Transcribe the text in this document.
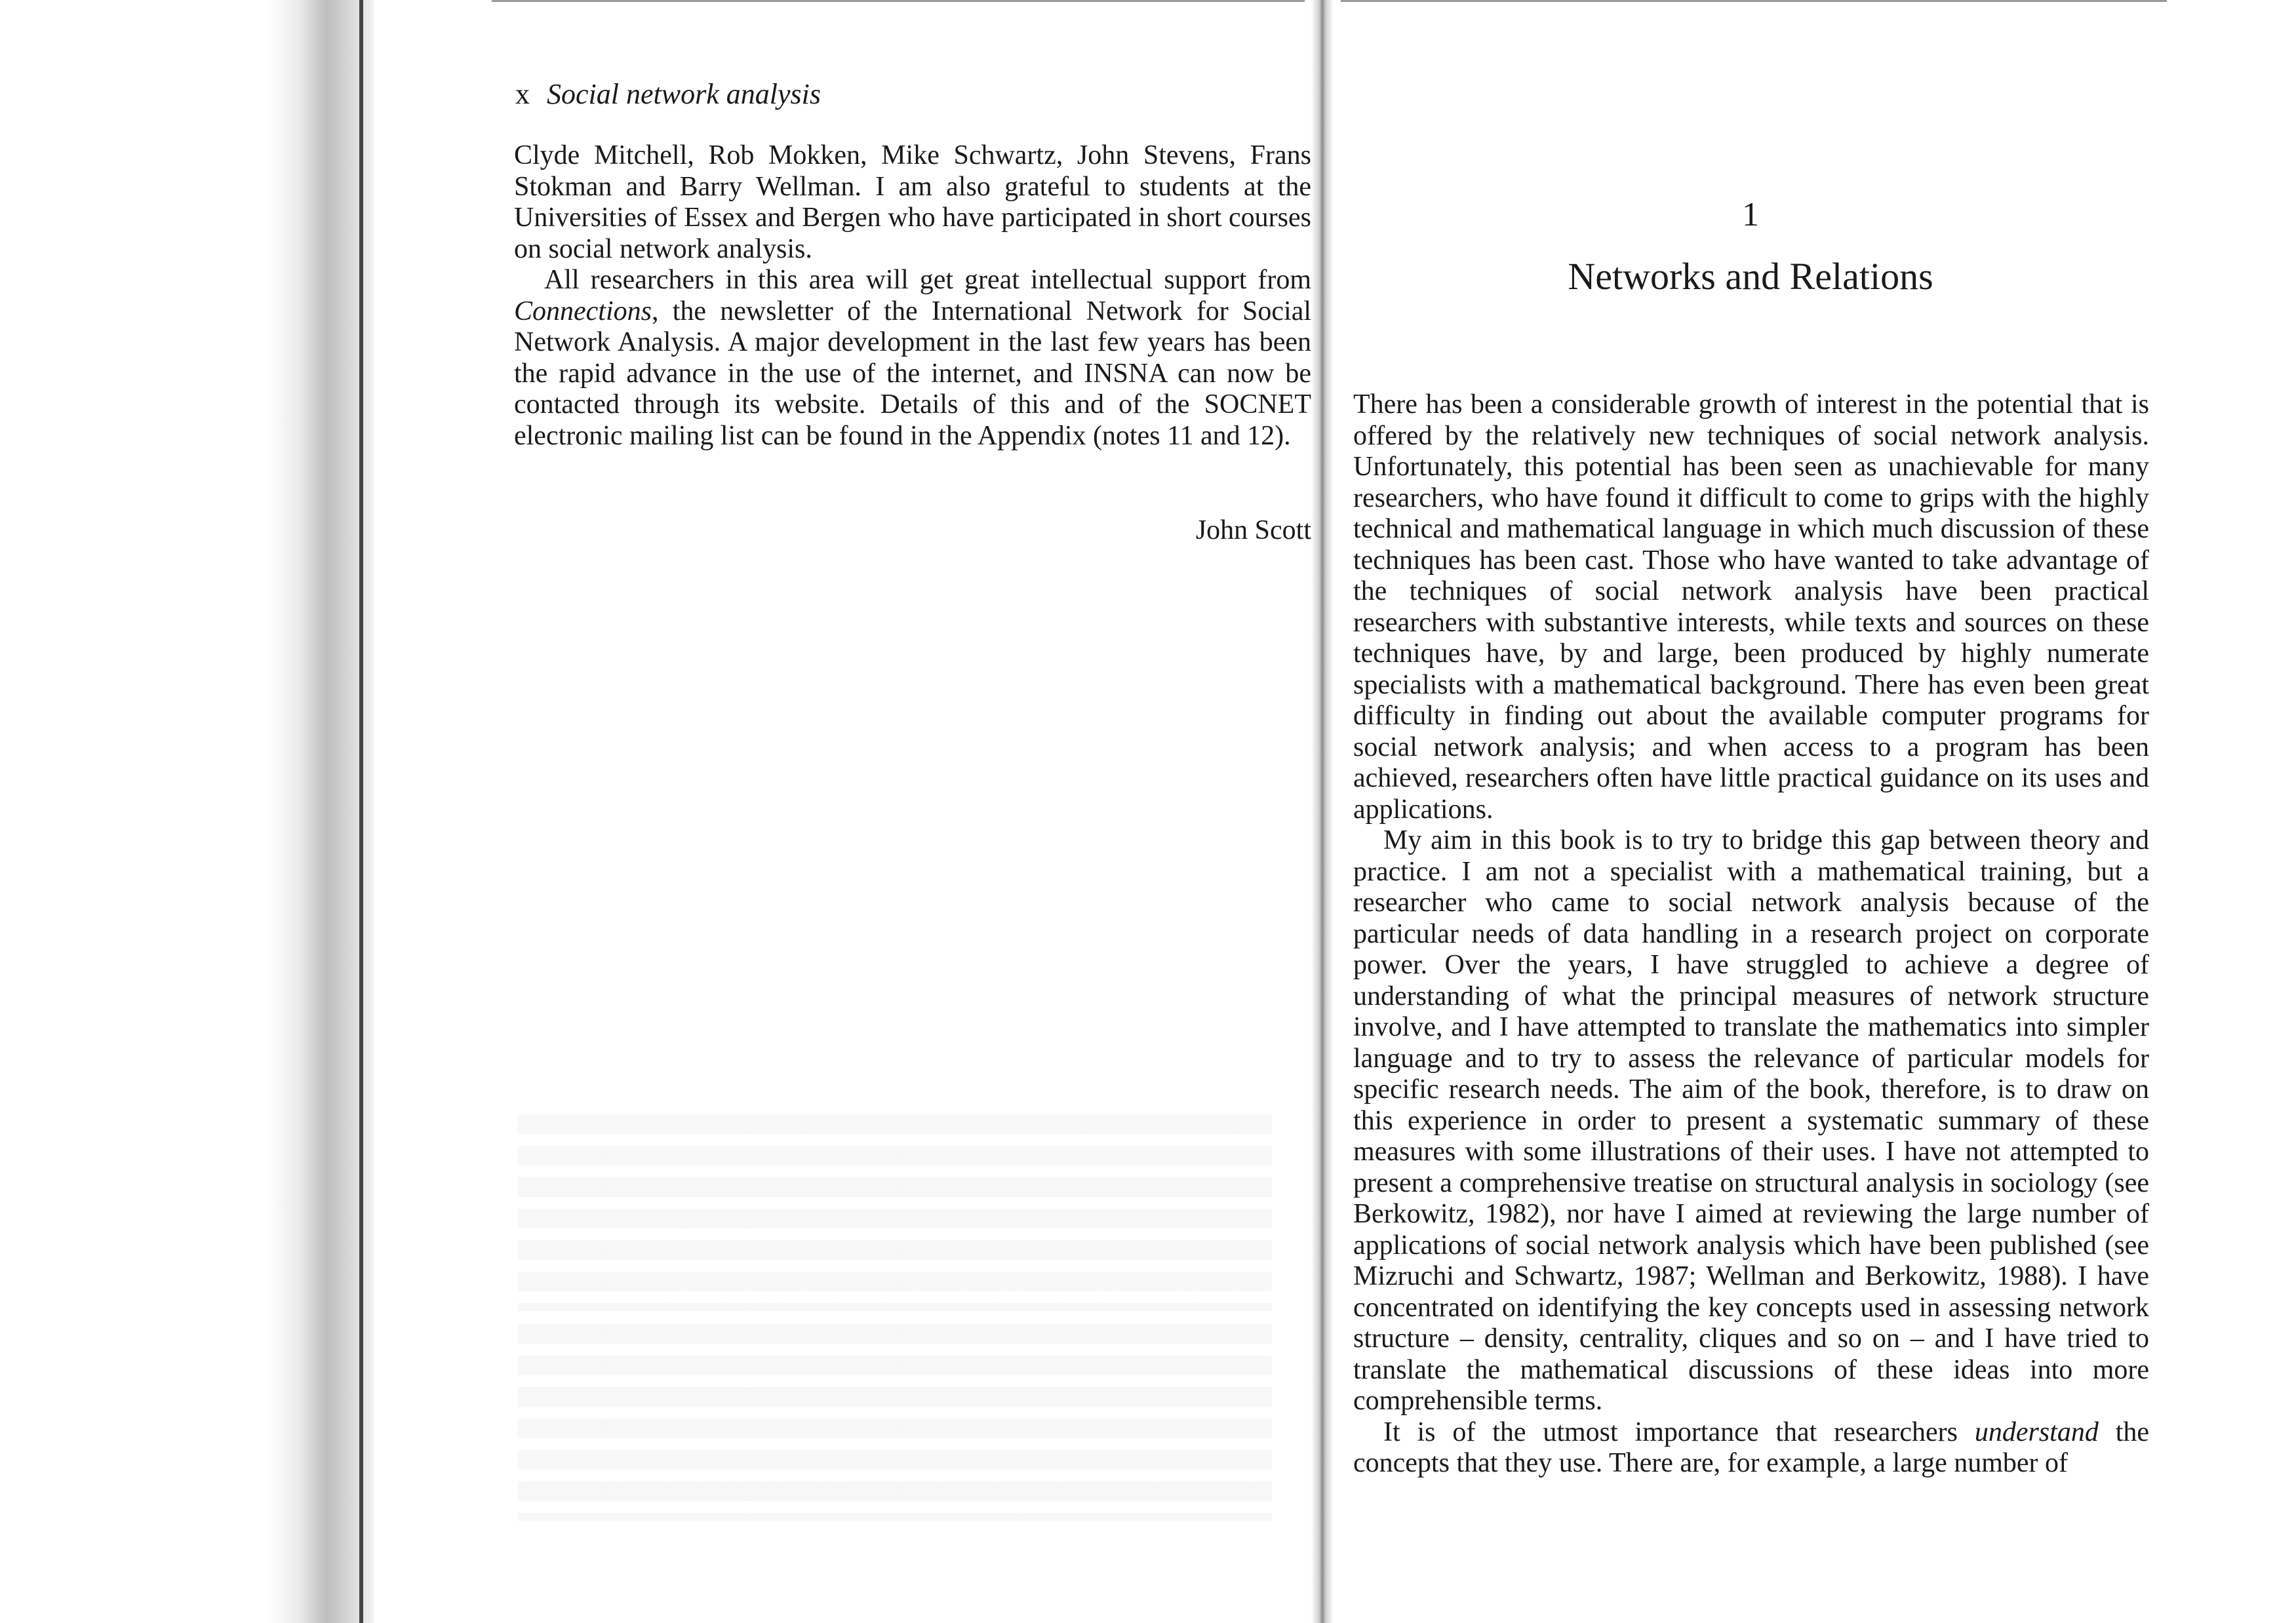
x Social network analysis

Clyde Mitchell, Rob Mokken, Mike Schwartz, John Stevens, Frans Stokman and Barry Wellman. I am also grateful to students at the Universities of Essex and Bergen who have participated in short courses on social network analysis.

All researchers in this area will get great intellectual support from Connections, the newsletter of the International Network for Social Network Analysis. A major development in the last few years has been the rapid advance in the use of the internet, and INSNA can now be contacted through its website. Details of this and of the SOCNET electronic mailing list can be found in the Appendix (notes 11 and 12).

John Scott
1
Networks and Relations

There has been a considerable growth of interest in the potential that is offered by the relatively new techniques of social network analysis. Unfortunately, this potential has been seen as unachievable for many researchers, who have found it difficult to come to grips with the highly technical and mathematical language in which much discussion of these techniques has been cast. Those who have wanted to take advantage of the techniques of social network analysis have been practical researchers with substantive interests, while texts and sources on these techniques have, by and large, been produced by highly numerate specialists with a mathematical background. There has even been great difficulty in finding out about the available computer programs for social network analysis; and when access to a program has been achieved, researchers often have little practical guidance on its uses and applications.

My aim in this book is to try to bridge this gap between theory and practice. I am not a specialist with a mathematical training, but a researcher who came to social network analysis because of the particular needs of data handling in a research project on corporate power. Over the years, I have struggled to achieve a degree of understanding of what the principal measures of network structure involve, and I have attempted to translate the mathematics into simpler language and to try to assess the relevance of particular models for specific research needs. The aim of the book, therefore, is to draw on this experience in order to present a systematic summary of these measures with some illustrations of their uses. I have not attempted to present a comprehensive treatise on structural analysis in sociology (see Berkowitz, 1982), nor have I aimed at reviewing the large number of applications of social network analysis which have been published (see Mizruchi and Schwartz, 1987; Wellman and Berkowitz, 1988). I have concentrated on identifying the key concepts used in assessing network structure – density, centrality, cliques and so on – and I have tried to translate the mathematical discussions of these ideas into more comprehensible terms.

It is of the utmost importance that researchers understand the concepts that they use. There are, for example, a large number of
